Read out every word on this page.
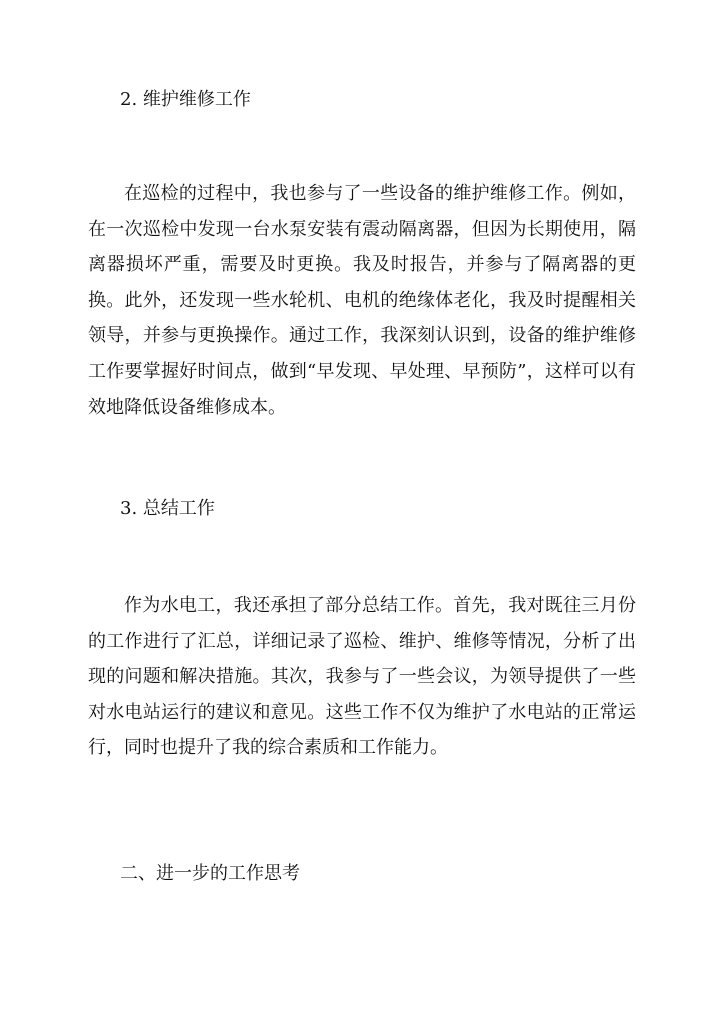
2. 维护维修工作
在巡检的过程中，我也参与了一些设备的维护维修工作。例如，在一次巡检中发现一台水泵安装有震动隔离器，但因为长期使用，隔离器损坏严重，需要及时更换。我及时报告，并参与了隔离器的更换。此外，还发现一些水轮机、电机的绝缘体老化，我及时提醒相关领导，并参与更换操作。通过工作，我深刻认识到，设备的维护维修工作要掌握好时间点，做到“早发现、早处理、早预防”，这样可以有效地降低设备维修成本。
3. 总结工作
作为水电工，我还承担了部分总结工作。首先，我对既往三月份的工作进行了汇总，详细记录了巡检、维护、维修等情况，分析了出现的问题和解决措施。其次，我参与了一些会议，为领导提供了一些对水电站运行的建议和意见。这些工作不仅为维护了水电站的正常运行，同时也提升了我的综合素质和工作能力。
二、进一步的工作思考
